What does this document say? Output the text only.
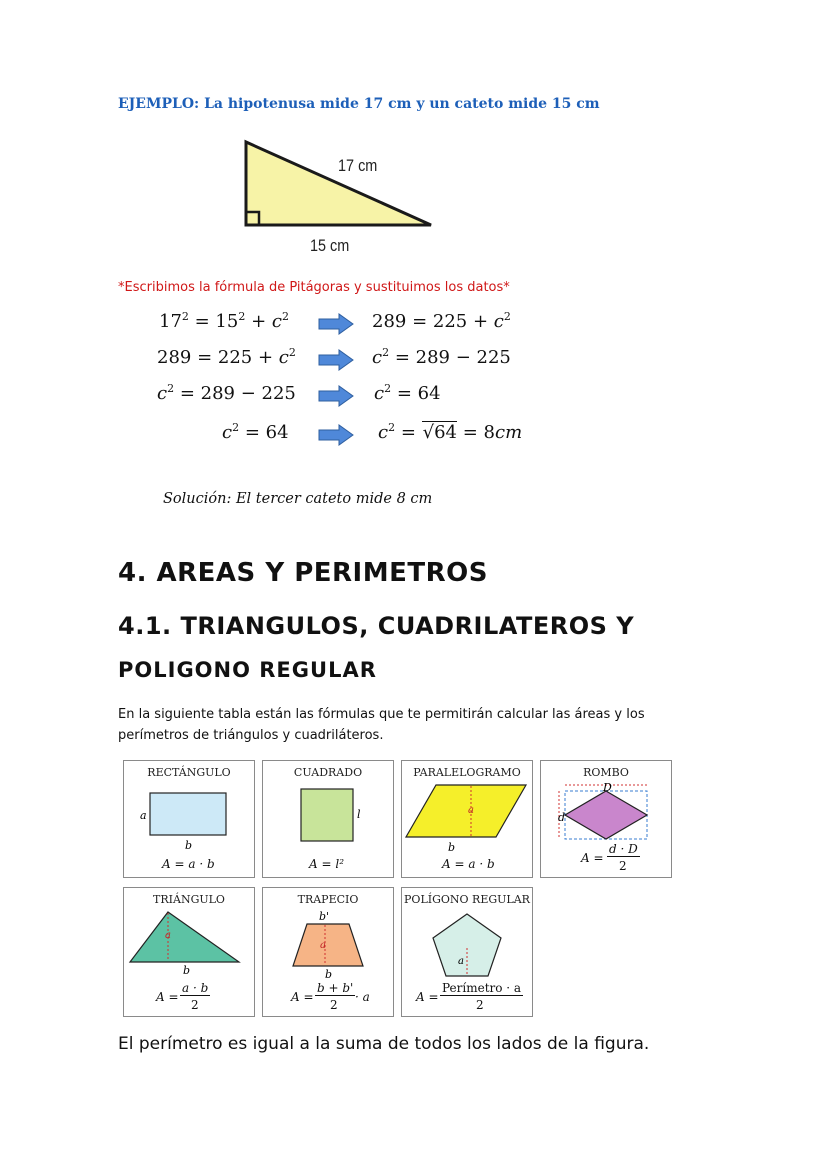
EJEMPLO: La hipotenusa mide 17 cm y un cateto mide 15 cm
17 cm
15 cm
*Escribimos la fórmula de Pitágoras y sustituimos los datos*
$17^2 = 15^2 + c^2$	$289 = 225 + c^2$
$289 = 225 + c^2$	$c^2 = 289 - 225$
$c^2 = 289 - 225$	$c^2 = 64$
$c^2 = 64$	$c^2 = √64 = 8cm$
Solución: El tercer cateto mide 8 cm
4. AREAS Y PERIMETROS
4.1. TRIANGULOS, CUADRILATEROS Y
POLIGONO REGULAR
En la siguiente tabla están las fórmulas que te permitirán calcular las áreas y los perímetros de triángulos y cuadriláteros.
RECTÁNGULO
a
b
A = a · b
CUADRADO
l
A = l²
PARALELOGRAMO
a
b
A = a · b
ROMBO
D
d
A =
d · D
2
TRIÁNGULO
a
b
A =
a · b
2
TRAPECIO
b'
a
b
A =
b + b'
2
· a
POLÍGONO REGULAR
a
A =
Perímetro · a
2
El perímetro es igual a la suma de todos los lados de la figura.
